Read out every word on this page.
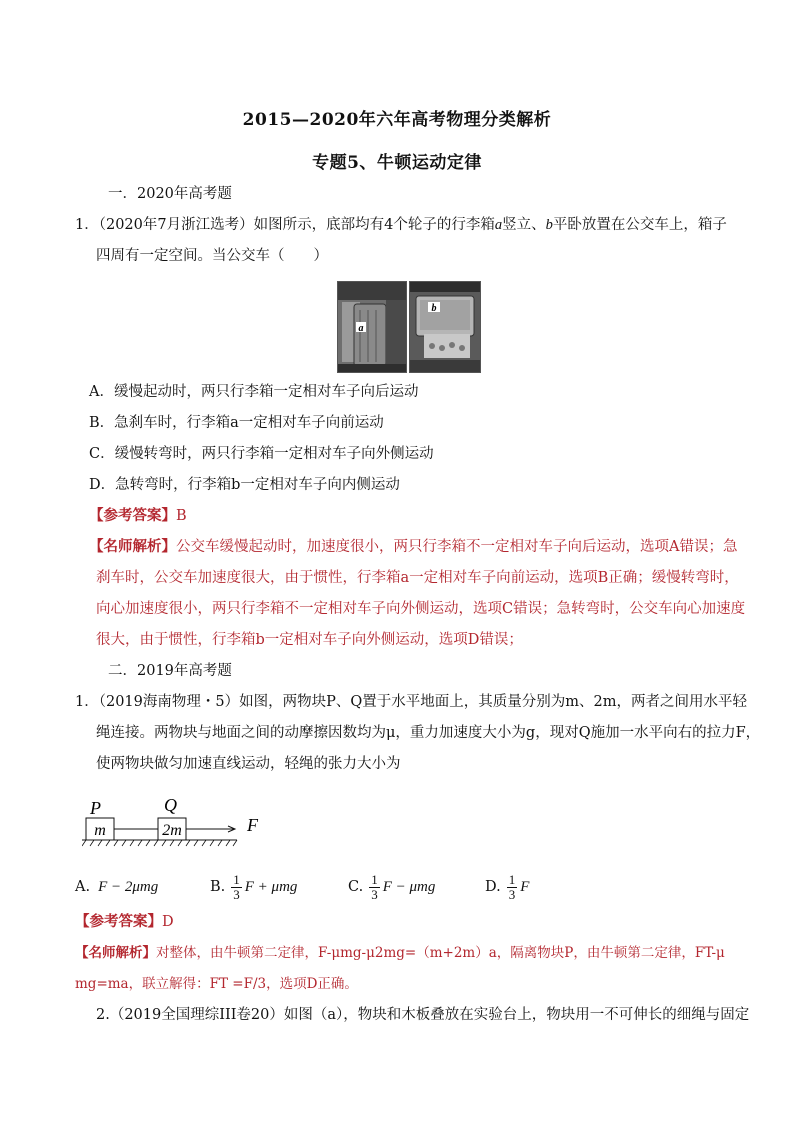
2015—2020年六年高考物理分类解析
专题5、牛顿运动定律
一．2020年高考题
1．（2020年7月浙江选考）如图所示，底部均有4个轮子的行李箱a竖立、b平卧放置在公交车上，箱子
四周有一定空间。当公交车（　　）
a
b
A．缓慢起动时，两只行李箱一定相对车子向后运动
B．急刹车时，行李箱a一定相对车子向前运动
C．缓慢转弯时，两只行李箱一定相对车子向外侧运动
D．急转弯时，行李箱b一定相对车子向内侧运动
【参考答案】B
【名师解析】公交车缓慢起动时，加速度很小，两只行李箱不一定相对车子向后运动，选项A错误；急
刹车时，公交车加速度很大，由于惯性，行李箱a一定相对车子向前运动，选项B正确；缓慢转弯时，
向心加速度很小，两只行李箱不一定相对车子向外侧运动，选项C错误；急转弯时，公交车向心加速度
很大，由于惯性，行李箱b一定相对车子向外侧运动，选项D错误；
二．2019年高考题
1．（2019海南物理・5）如图，两物块P、Q置于水平地面上，其质量分别为m、2m，两者之间用水平轻
绳连接。两物块与地面之间的动摩擦因数均为μ，重力加速度大小为g，现对Q施加一水平向右的拉力F，
使两物块做匀加速直线运动，轻绳的张力大小为
P	Q
m	2m	F
A. F − 2μmg	B. $\frac{1}{3}$ F + μmg	C. $\frac{1}{3}$ F − μmg	D. $\frac{1}{3}$ F
【参考答案】D
【名师解析】对整体，由牛顿第二定律，F-μmg-μ2mg=（m+2m）a，隔离物块P，由牛顿第二定律，FT-μ
mg=ma，联立解得：FT =F/3，选项D正确。
2.（2019全国理综III卷20）如图（a），物块和木板叠放在实验台上，物块用一不可伸长的细绳与固定
